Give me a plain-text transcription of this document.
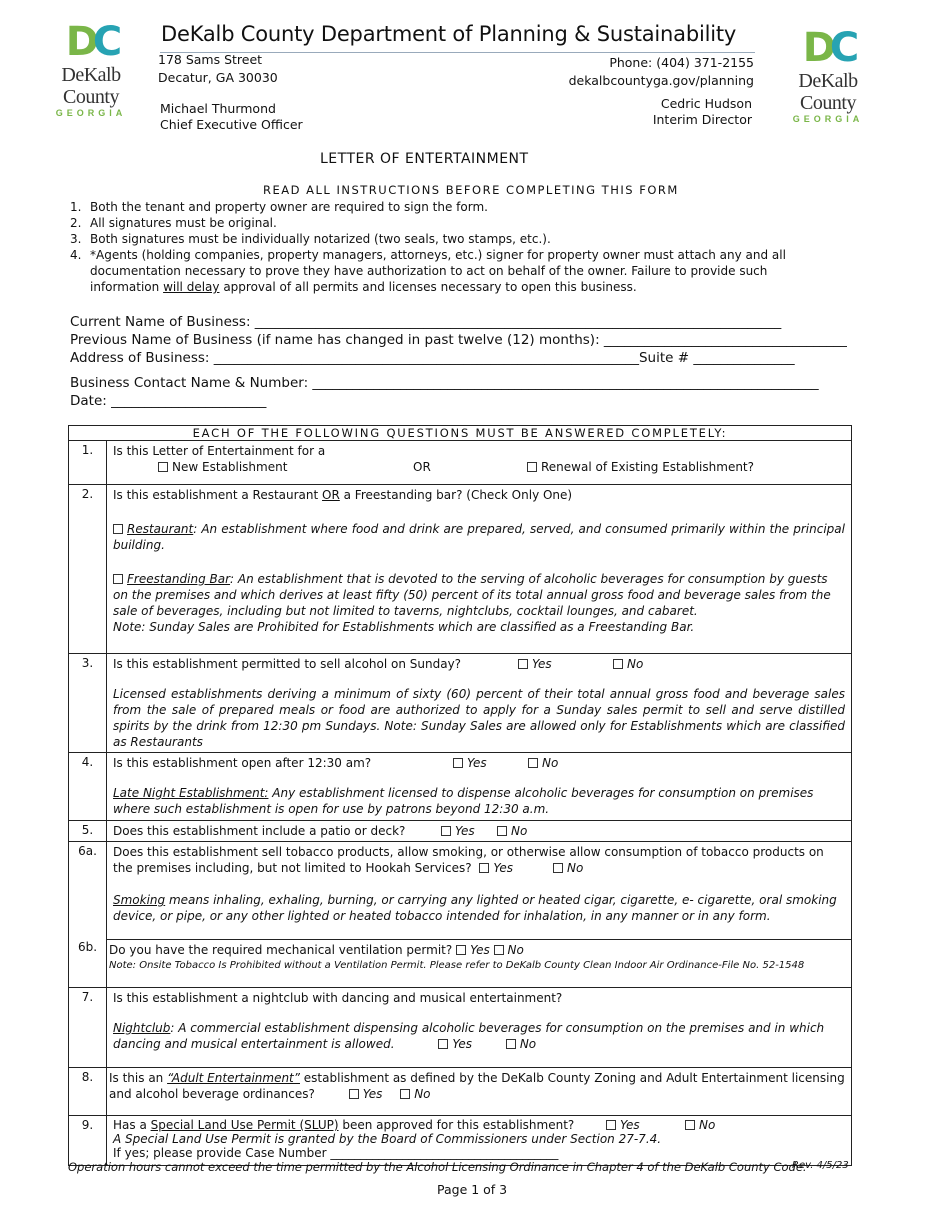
DC
DeKalb County
GEORGIA
DC
DeKalb County
GEORGIA
DeKalb County Department of Planning & Sustainability
178 Sams Street
Decatur, GA 30030
Michael Thurmond
Chief Executive Officer
Phone: (404) 371-2155
dekalbcountyga.gov/planning
Cedric Hudson
Interim Director
LETTER OF ENTERTAINMENT
READ ALL INSTRUCTIONS BEFORE COMPLETING THIS FORM
1. Both the tenant and property owner are required to sign the form.
2. All signatures must be original.
3. Both signatures must be individually notarized (two seals, two stamps, etc.).
4. *Agents (holding companies, property managers, attorneys, etc.) signer for property owner must attach any and all documentation necessary to prove they have authorization to act on behalf of the owner. Failure to provide such information will delay approval of all permits and licenses necessary to open this business.
Current Name of Business: ______________________________________________________________________________
Previous Name of Business (if name has changed in past twelve (12) months): ____________________________________
Address of Business: _______________________________________________________________Suite # _______________
Business Contact Name & Number: ___________________________________________________________________________
Date: _______________________
EACH OF THE FOLLOWING QUESTIONS MUST BE ANSWERED COMPLETELY:	
1.	Is this Letter of Entertainment for a
New Establishment OR Renewal of Existing Establishment?

2.	Is this establishment a Restaurant OR a Freestanding bar? (Check Only One)
Restaurant: An establishment where food and drink are prepared, served, and consumed primarily within the principal building.
Freestanding Bar: An establishment that is devoted to the serving of alcoholic beverages for consumption by guests on the premises and which derives at least fifty (50) percent of its total annual gross food and beverage sales from the sale of beverages, including but not limited to taverns, nightclubs, cocktail lounges, and cabaret.
Note: Sunday Sales are Prohibited for Establishments which are classified as a Freestanding Bar.

3.	Is this establishment permitted to sell alcohol on Sunday? Yes No
Licensed establishments deriving a minimum of sixty (60) percent of their total annual gross food and beverage sales from the sale of prepared meals or food are authorized to apply for a Sunday sales permit to sell and serve distilled spirits by the drink from 12:30 pm Sundays. Note: Sunday Sales are allowed only for Establishments which are classified as Restaurants

4.	Is this establishment open after 12:30 am? Yes No
Late Night Establishment: Any establishment licensed to dispense alcoholic beverages for consumption on premises where such establishment is open for use by patrons beyond 12:30 a.m.

5.	Does this establishment include a patio or deck? Yes No

6a.	Does this establishment sell tobacco products, allow smoking, or otherwise allow consumption of tobacco products on the premises including, but not limited to Hookah Services? Yes No
Smoking means inhaling, exhaling, burning, or carrying any lighted or heated cigar, cigarette, e- cigarette, oral smoking device, or pipe, or any other lighted or heated tobacco intended for inhalation, in any manner or in any form.

6b.	Do you have the required mechanical ventilation permit? Yes No
Note: Onsite Tobacco Is Prohibited without a Ventilation Permit. Please refer to DeKalb County Clean Indoor Air Ordinance-File No. 52-1548

7.	Is this establishment a nightclub with dancing and musical entertainment?
Nightclub: A commercial establishment dispensing alcoholic beverages for consumption on the premises and in which dancing and musical entertainment is allowed. Yes No

8.	Is this an “Adult Entertainment” establishment as defined by the DeKalb County Zoning and Adult Entertainment licensing and alcohol beverage ordinances? Yes No

9.	Has a Special Land Use Permit (SLUP) been approved for this establishment? Yes No
A Special Land Use Permit is granted by the Board of Commissioners under Section 27-7.4.
If yes; please provide Case Number ______________________________________
Operation hours cannot exceed the time permitted by the Alcohol Licensing Ordinance in Chapter 4 of the DeKalb County Code.
Rev. 4/5/23
Page 1 of 3
